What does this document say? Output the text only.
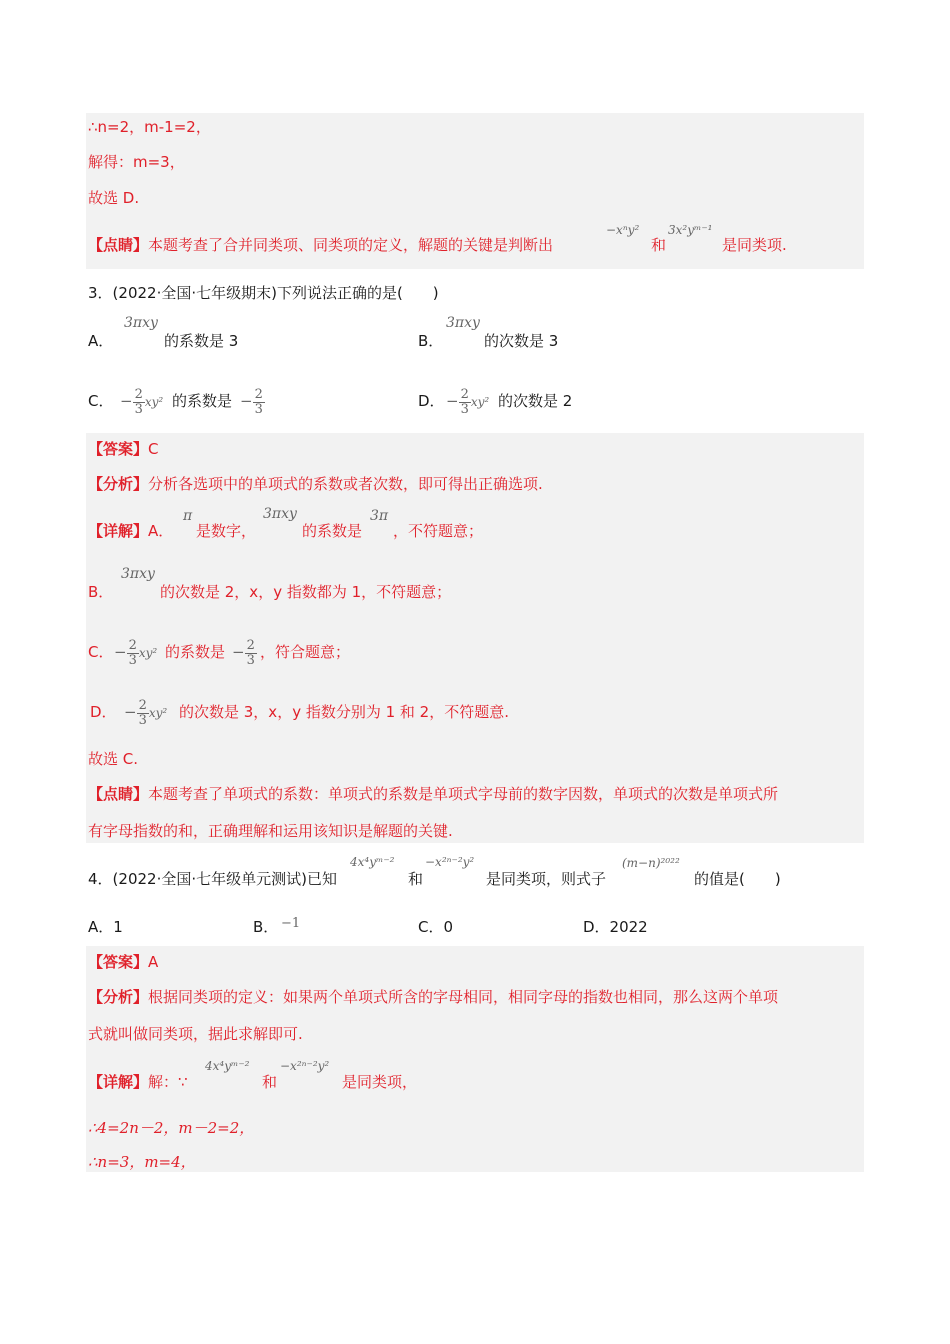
∴n=2，m-1=2，
解得：m=3，
故选 D.
【点睛】本题考查了合并同类项、同类项的定义，解题的关键是判断出
−xⁿy²
和
3x²yᵐ⁻¹
是同类项.
3．(2022·全国·七年级期末)下列说法正确的是(　　)
A．
3πxy
的系数是 3	B．
3πxy
的次数是 3
C． − $\frac{2}{3} xy^2$ 的系数是 − $\frac{2}{3}$	D． − $\frac{2}{3} xy^2$ 的次数是 2
【答案】C
【分析】分析各选项中的单项式的系数或者次数，即可得出正确选项.
【详解】A．
π
是数字，
3πxy
的系数是
3π
，不符题意；
B．
3πxy
的次数是 2，x，y 指数都为 1，不符题意；
C． − $\frac{2}{3} xy^2$ 的系数是 − $\frac{2}{3}$ ，符合题意；
D． − $\frac{2}{3} xy^2$ 的次数是 3，x，y 指数分别为 1 和 2，不符题意.
故选 C.
【点睛】本题考查了单项式的系数：单项式的系数是单项式字母前的数字因数，单项式的次数是单项式所
有字母指数的和，正确理解和运用该知识是解题的关键.
4．(2022·全国·七年级单元测试)已知
4x⁴yᵐ⁻²
和
−x²ⁿ⁻²y²
是同类项，则式子
(m−n)²⁰²²
的值是(　　)
A．1	B． −1	C．0	D．2022
【答案】A
【分析】根据同类项的定义：如果两个单项式所含的字母相同，相同字母的指数也相同，那么这两个单项
式就叫做同类项，据此求解即可.
【详解】解：∵
4x⁴yᵐ⁻²
和
−x²ⁿ⁻²y²
是同类项，
∴4=2n－2，m－2=2，
∴n=3，m=4，
